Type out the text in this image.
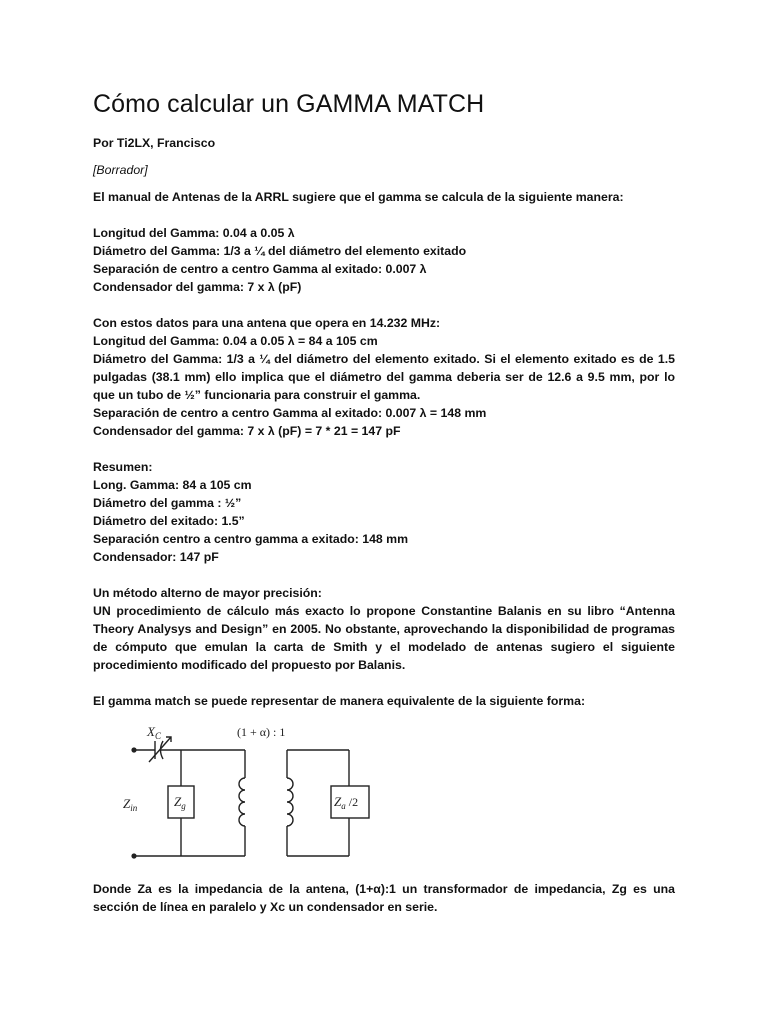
Cómo calcular un GAMMA MATCH

Por Ti2LX, Francisco

[Borrador]

El manual de Antenas de la ARRL sugiere que el gamma se calcula de la siguiente manera:

Longitud del Gamma: 0.04 a 0.05 λ

Diámetro del Gamma: 1/3 a ¼ del diámetro del elemento exitado

Separación de centro a centro Gamma al exitado: 0.007 λ

Condensador del gamma: 7 x λ (pF)

Con estos datos para una antena que opera en 14.232 MHz:

Longitud del Gamma: 0.04 a 0.05 λ = 84 a 105 cm

Diámetro del Gamma: 1/3 a ¼ del diámetro del elemento exitado. Si el elemento exitado es de 1.5 pulgadas (38.1 mm) ello implica que el diámetro del gamma deberia ser de 12.6 a 9.5 mm, por lo que un tubo de ½” funcionaria para construir el gamma.

Separación de centro a centro Gamma al exitado: 0.007 λ = 148 mm

Condensador del gamma: 7 x λ (pF) = 7 * 21 = 147 pF

Resumen:

Long. Gamma: 84 a 105 cm

Diámetro del gamma : ½”

Diámetro del exitado: 1.5”

Separación centro a centro gamma a exitado: 148 mm

Condensador: 147 pF

Un método alterno de mayor precisión:

UN procedimiento de cálculo más exacto lo propone Constantine Balanis en su libro “Antenna Theory Analysys and Design” en 2005. No obstante, aprovechando la disponibilidad de programas de cómputo que emulan la carta de Smith y el modelado de antenas sugiero el siguiente procedimiento modificado del propuesto por Balanis.

El gamma match se puede representar de manera equivalente de la siguiente forma:

$X_C$	(1 + α) : 1
$Z_{in}$	$Z_g$	$Z_a$ /2

Donde Za es la impedancia de la antena, (1+α):1 un transformador de impedancia, Zg es una sección de línea en paralelo y Xc un condensador en serie.
